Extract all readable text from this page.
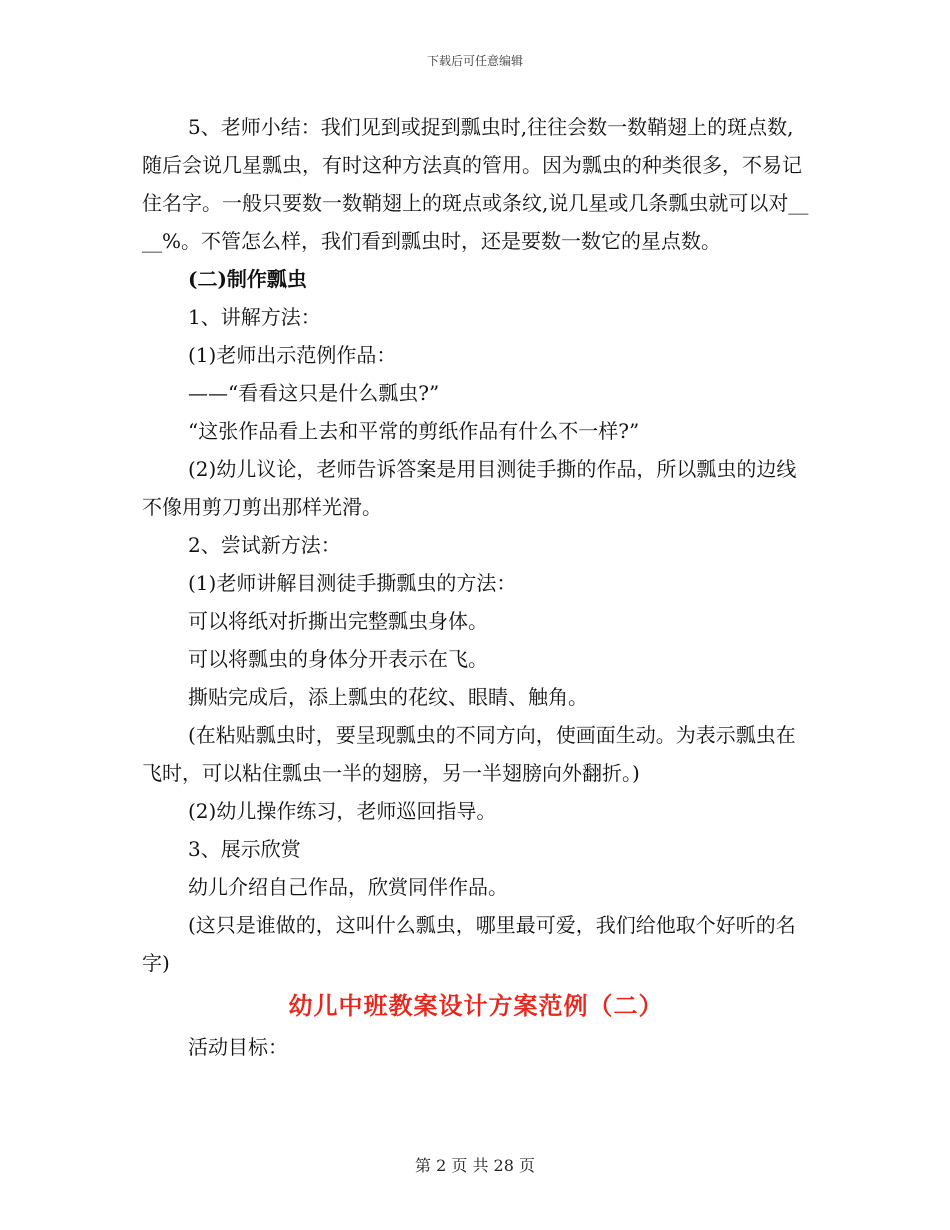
下载后可任意编辑

5、老师小结：我们见到或捉到瓢虫时,往往会数一数鞘翅上的斑点数,随后会说几星瓢虫，有时这种方法真的管用。因为瓢虫的种类很多，不易记住名字。一般只要数一数鞘翅上的斑点或条纹,说几星或几条瓢虫就可以对____%。不管怎么样，我们看到瓢虫时，还是要数一数它的星点数。

(二)制作瓢虫

1、讲解方法：

(1)老师出示范例作品：

——“看看这只是什么瓢虫?”

“这张作品看上去和平常的剪纸作品有什么不一样?”

(2)幼儿议论，老师告诉答案是用目测徒手撕的作品，所以瓢虫的边线不像用剪刀剪出那样光滑。

2、尝试新方法：

(1)老师讲解目测徒手撕瓢虫的方法：

可以将纸对折撕出完整瓢虫身体。

可以将瓢虫的身体分开表示在飞。

撕贴完成后，添上瓢虫的花纹、眼睛、触角。

(在粘贴瓢虫时，要呈现瓢虫的不同方向，使画面生动。为表示瓢虫在飞时，可以粘住瓢虫一半的翅膀，另一半翅膀向外翻折。)

(2)幼儿操作练习，老师巡回指导。

3、展示欣赏

幼儿介绍自己作品，欣赏同伴作品。

(这只是谁做的，这叫什么瓢虫，哪里最可爱，我们给他取个好听的名字)

幼儿中班教案设计方案范例（二）

活动目标：

第 2 页 共 28 页
